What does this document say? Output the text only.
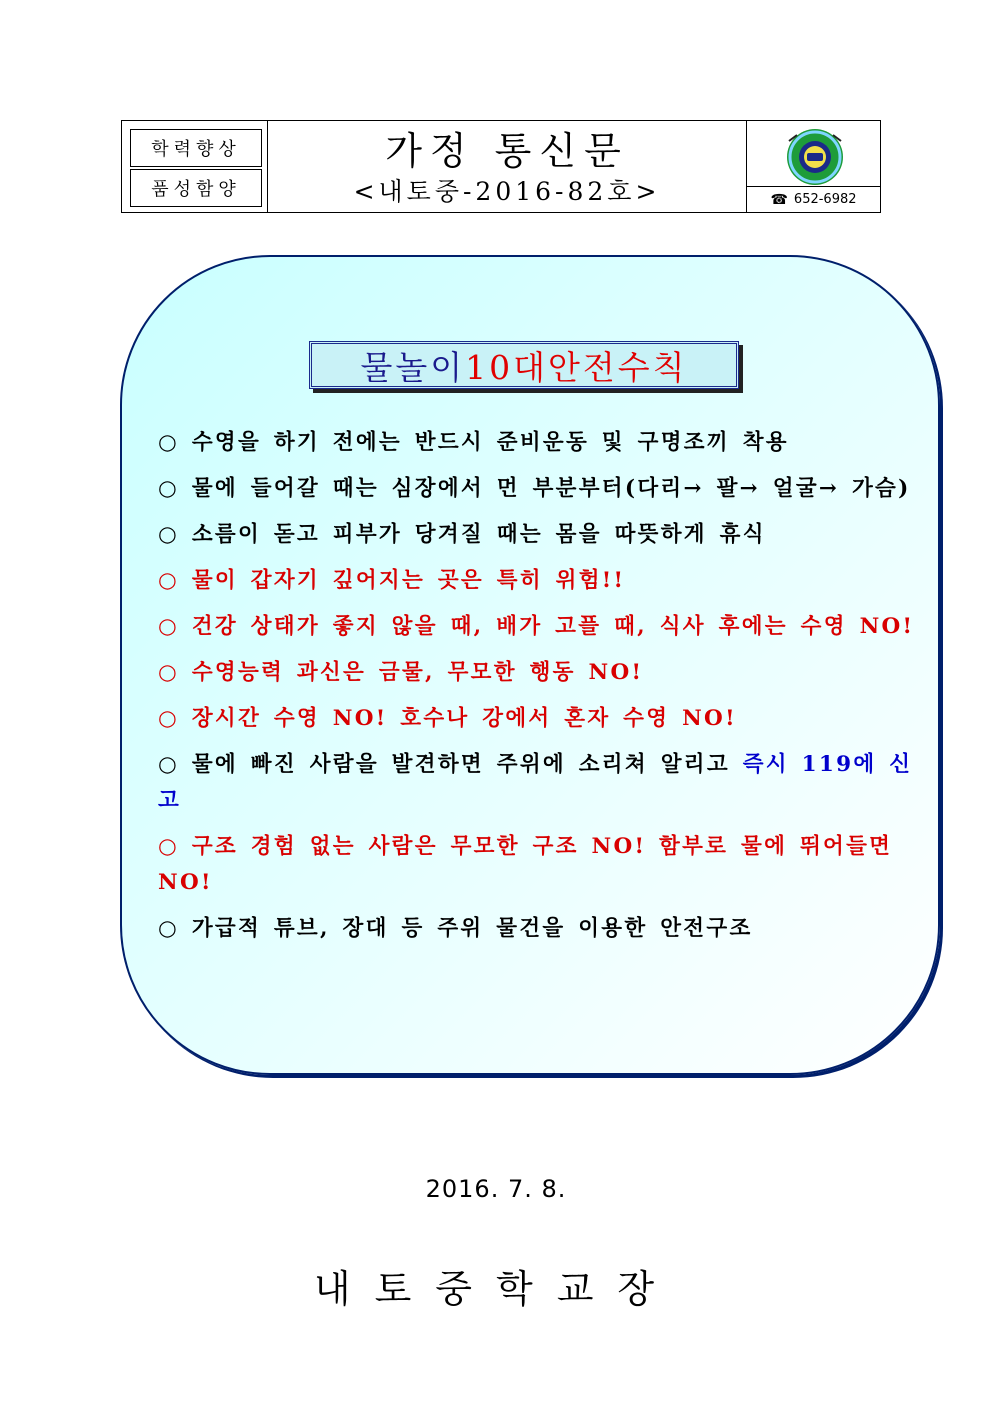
학력향상
품성함양
가정 통신문
<내토중-2016-82호>	☎ 652-6982
물놀이 10대 안전수칙
○ 수영을 하기 전에는 반드시 준비운동 및 구명조끼 착용
○ 물에 들어갈 때는 심장에서 먼 부분부터(다리→ 팔→ 얼굴→ 가슴)
○ 소름이 돋고 피부가 당겨질 때는 몸을 따뜻하게 휴식
○ 물이 갑자기 깊어지는 곳은 특히 위험!!
○ 건강 상태가 좋지 않을 때, 배가 고플 때, 식사 후에는 수영 NO!
○ 수영능력 과신은 금물, 무모한 행동 NO!
○ 장시간 수영 NO! 호수나 강에서 혼자 수영 NO!
○ 물에 빠진 사람을 발견하면 주위에 소리쳐 알리고 즉시 119에 신고
○ 구조 경험 없는 사람은 무모한 구조 NO! 함부로 물에 뛰어들면 NO!
○ 가급적 튜브, 장대 등 주위 물건을 이용한 안전구조
2016. 7. 8.
내토중학교장
